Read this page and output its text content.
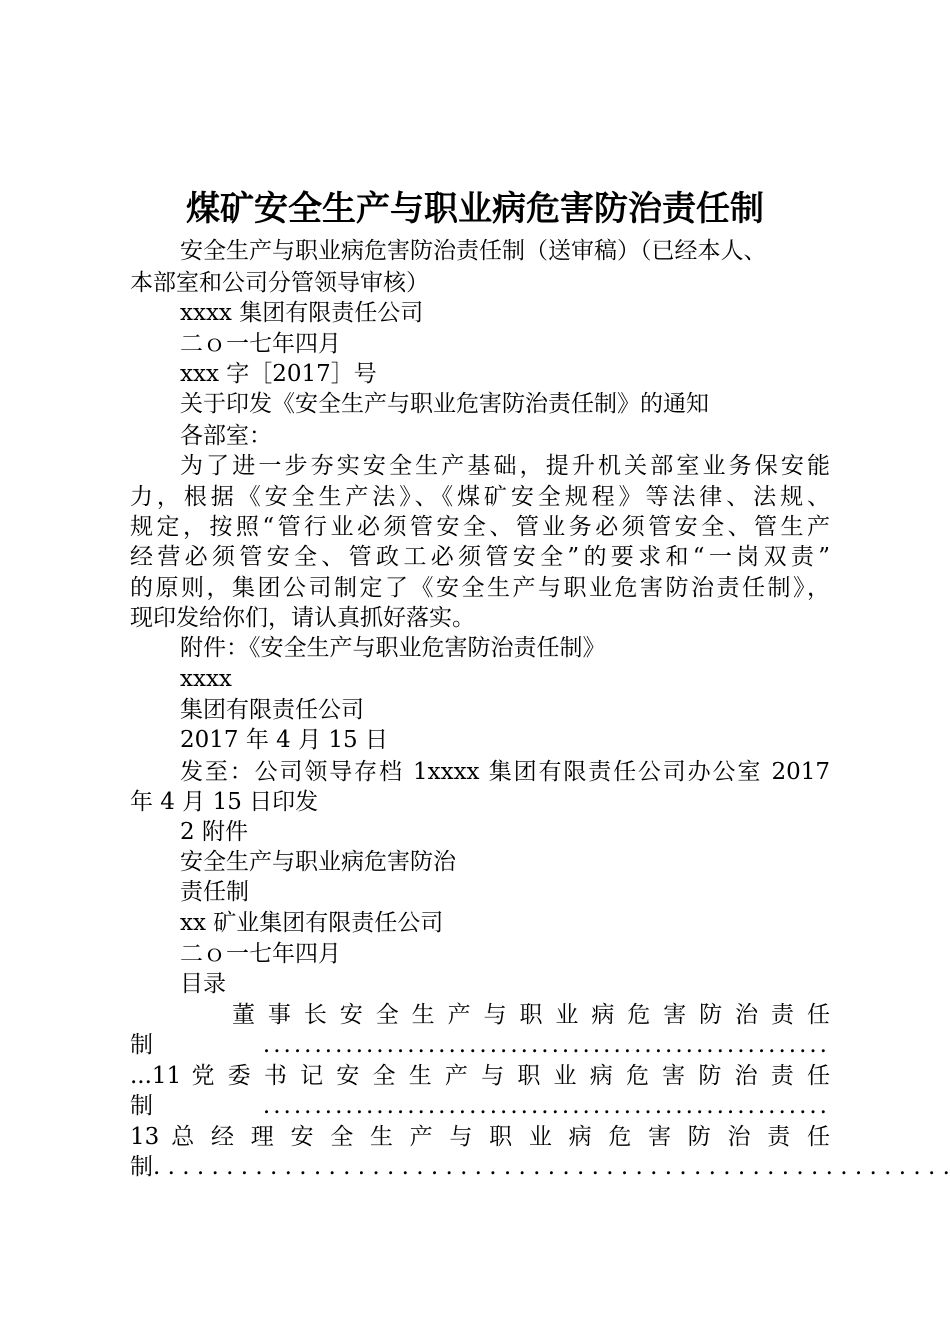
煤矿安全生产与职业病危害防治责任制
安全生产与职业病危害防治责任制（送审稿）（已经本人、
本部室和公司分管领导审核）
xxxx 集团有限责任公司
二ｏ一七年四月
xxx 字［2017］号
关于印发《安全生产与职业危害防治责任制》的通知
各部室：
为了进一步夯实安全生产基础，提升机关部室业务保安能
力，根据《安全生产法》、《煤矿安全规程》等法律、法规、
规定，按照“管行业必须管安全、管业务必须管安全、管生产
经营必须管安全、管政工必须管安全”的要求和“一岗双责”
的原则，集团公司制定了《安全生产与职业危害防治责任制》，
现印发给你们，请认真抓好落实。
附件：《安全生产与职业危害防治责任制》
xxxx
集团有限责任公司
2017 年 4 月 15 日
发至：公司领导存档 1xxxx 集团有限责任公司办公室 2017
年 4 月 15 日印发
2 附件
安全生产与职业病危害防治
责任制
xx 矿业集团有限责任公司
二ｏ一七年四月
目录
董 事 长 安 全 生 产 与 职 业 病 危 害 防 治 责 任
制.......................................................
...11 党 委 书 记 安 全 生 产 与 职 业 病 危 害 防 治 责 任
制.......................................................
13 总 经 理 安 全 生 产 与 职 业 病 危 害 防 治 责 任
制. . . . . . . . . . . . . . . . . . . . . . . . . . . . . . . . . . . . . . . . . . . . . . . . . . . . . . .
